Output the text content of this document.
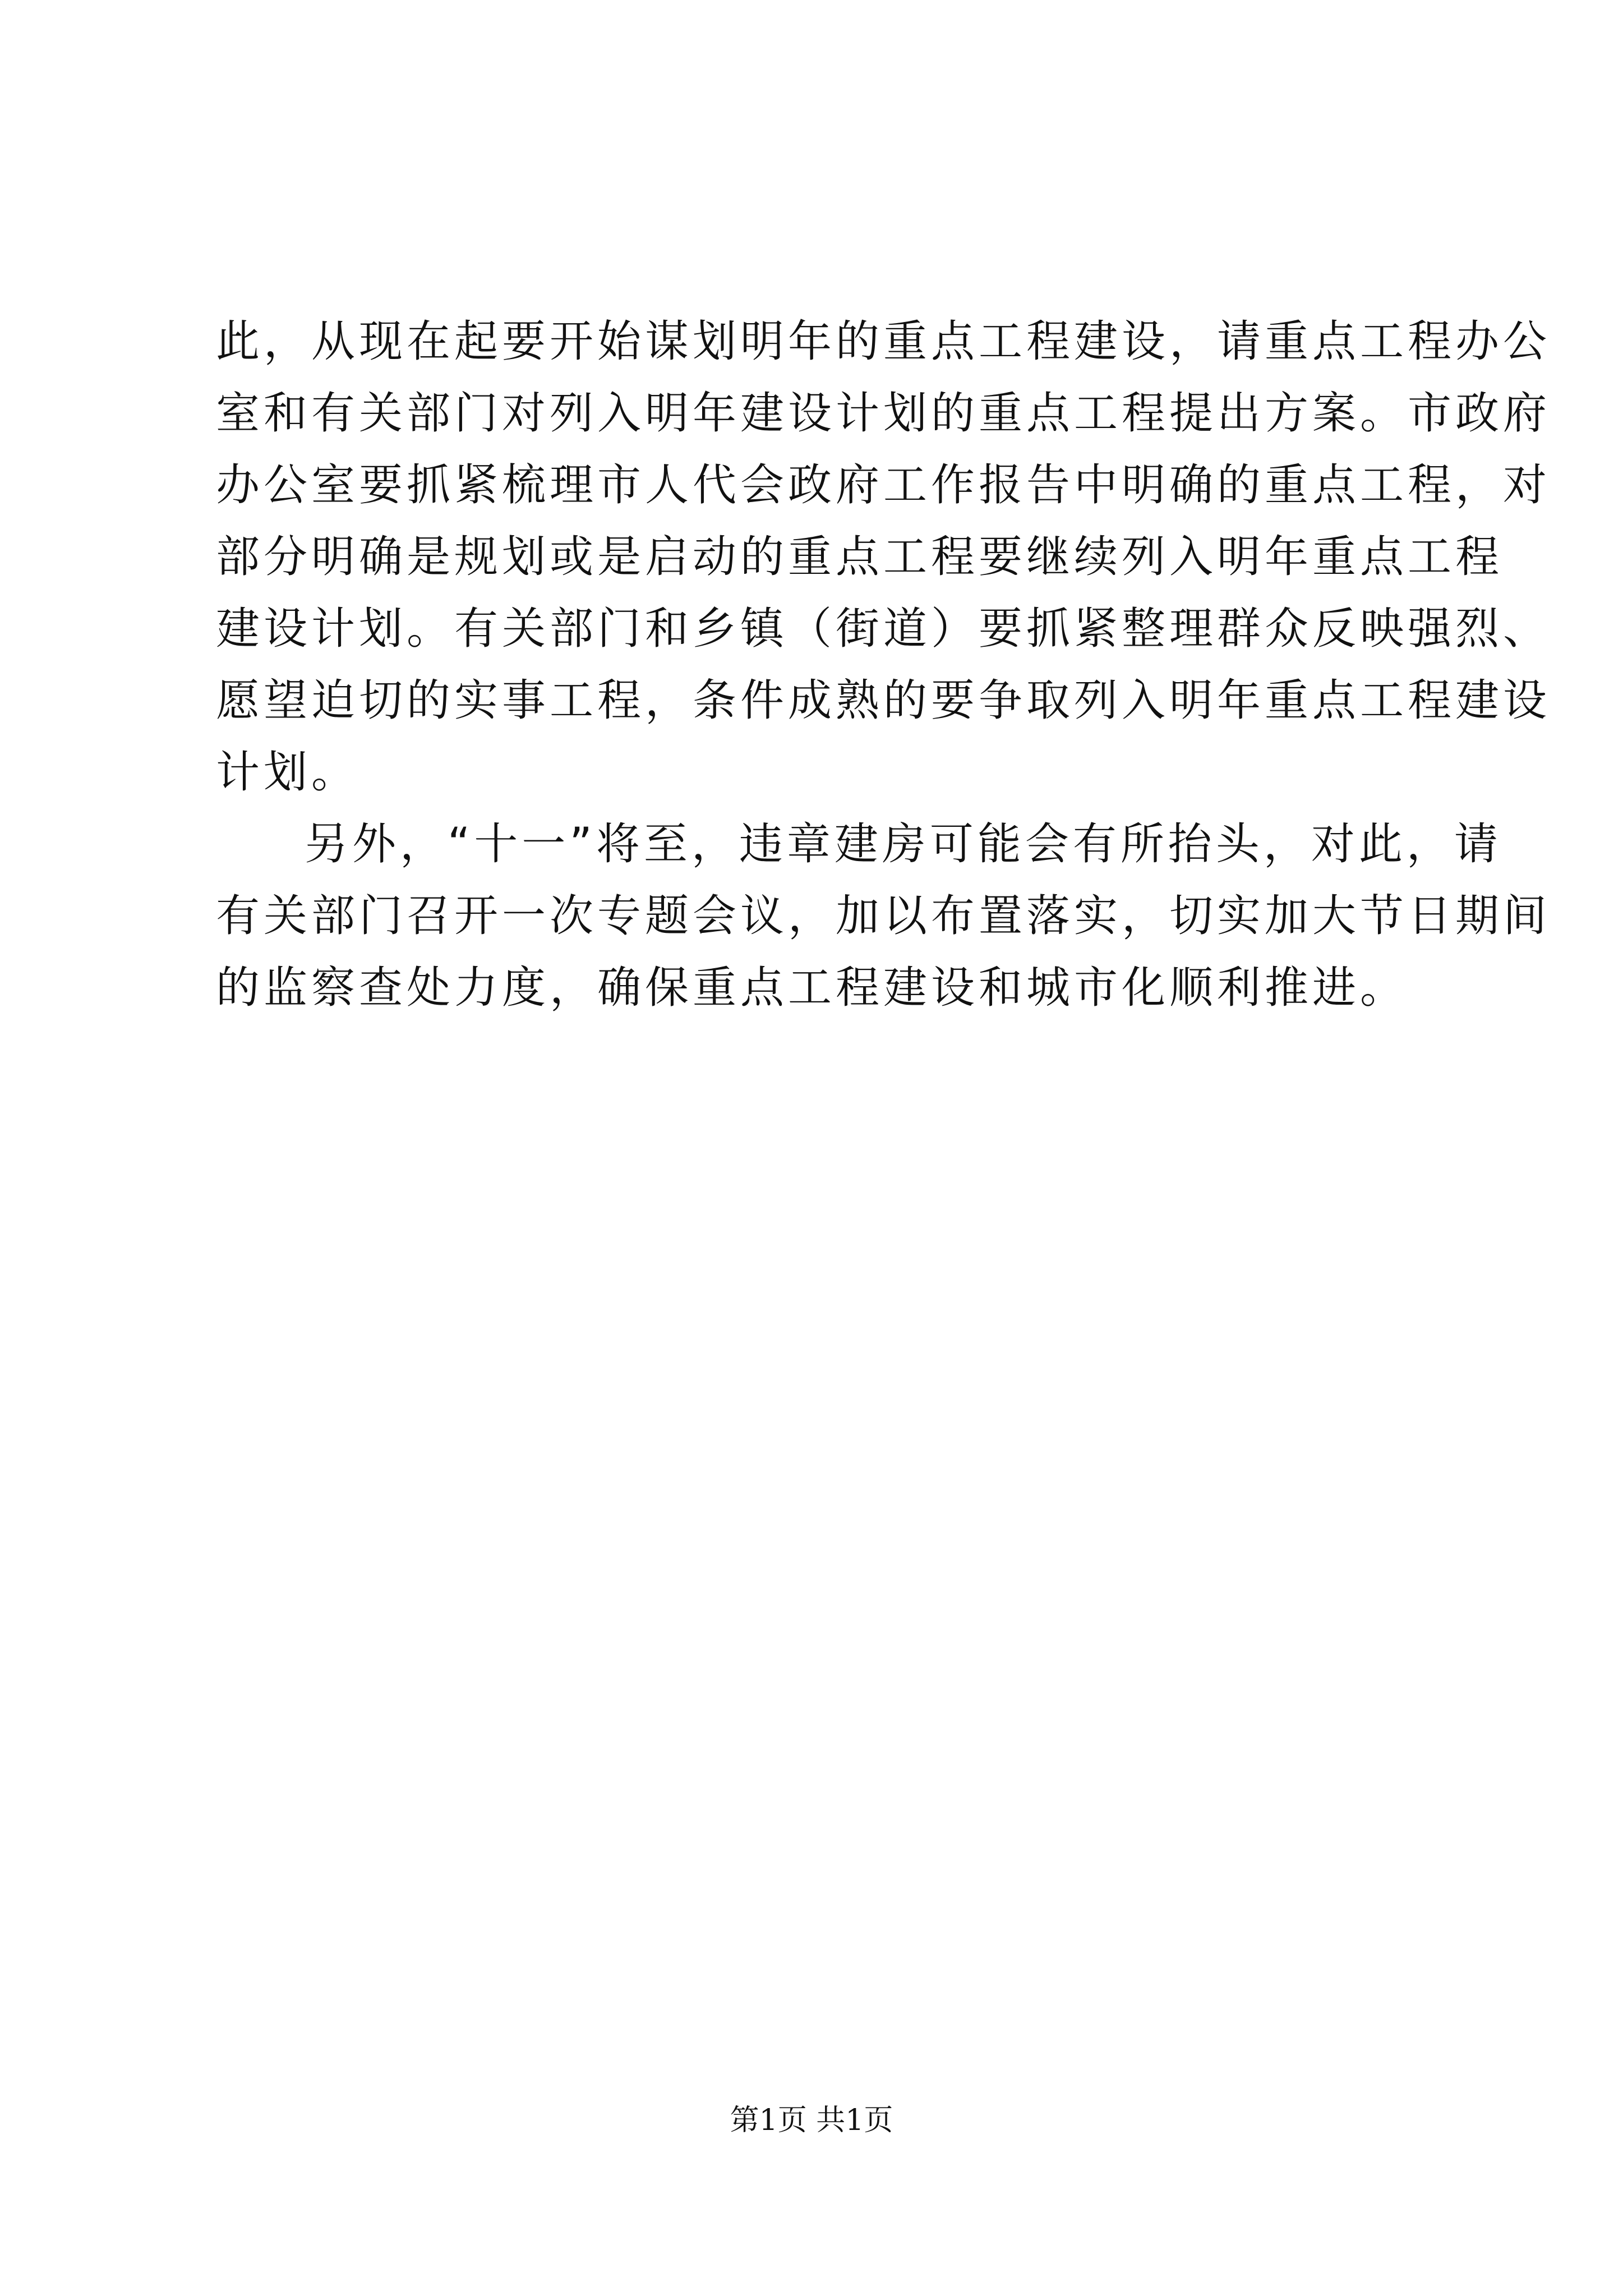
此，从现在起要开始谋划明年的重点工程建设，请重点工程办公
室和有关部门对列入明年建设计划的重点工程提出方案。市政府
办公室要抓紧梳理市人代会政府工作报告中明确的重点工程，对
部分明确是规划或是启动的重点工程要继续列入明年重点工程
建设计划。有关部门和乡镇（街道）要抓紧整理群众反映强烈、
愿望迫切的实事工程，条件成熟的要争取列入明年重点工程建设
计划。
另外，“十一”将至，违章建房可能会有所抬头，对此，请
有关部门召开一次专题会议，加以布置落实，切实加大节日期间
的监察查处力度，确保重点工程建设和城市化顺利推进。
第1页 共1页
